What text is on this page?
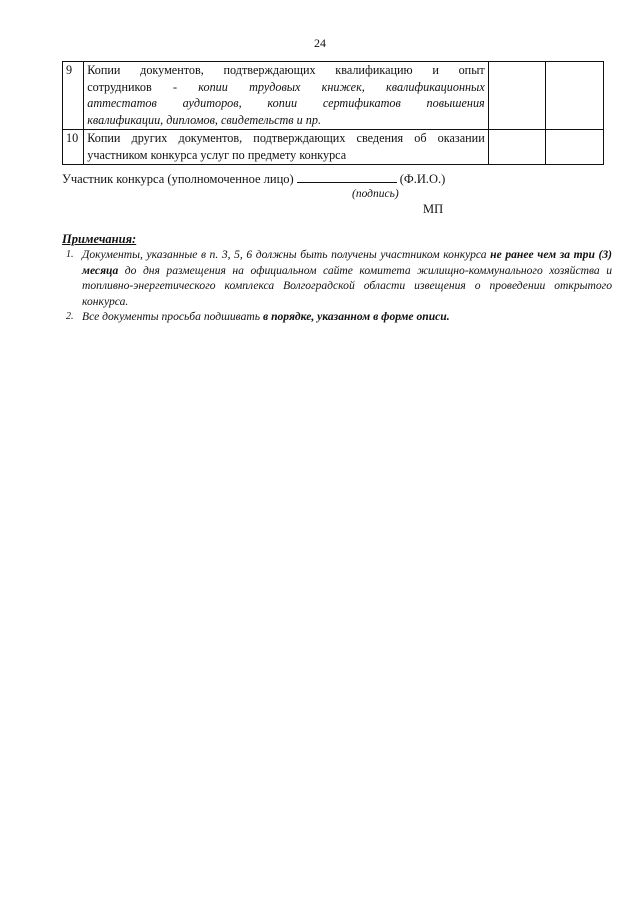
24
9	Копии документов, подтверждающих квалификацию и опыт
сотрудников - копии трудовых книжек, квалификационных
аттестатов аудиторов, копии сертификатов повышения
квалификации, дипломов, свидетельств и пр.		

10	Копии других документов, подтверждающих сведения об оказании
участником конкурса услуг по предмету конкурса		

Участник конкурса (уполномоченное лицо)	(Ф.И.О.)
(подпись)
МП
Примечания:
1. Документы, указанные в п. 3, 5, 6 должны быть получены участником конкурса не ранее чем за три (3) месяца до дня размещения на официальном сайте комитета жилищно-коммунального хозяйства и топливно-энергетического комплекса Волгоградской области извещения о проведении открытого конкурса.
2. Все документы просьба подшивать в порядке, указанном в форме описи.
